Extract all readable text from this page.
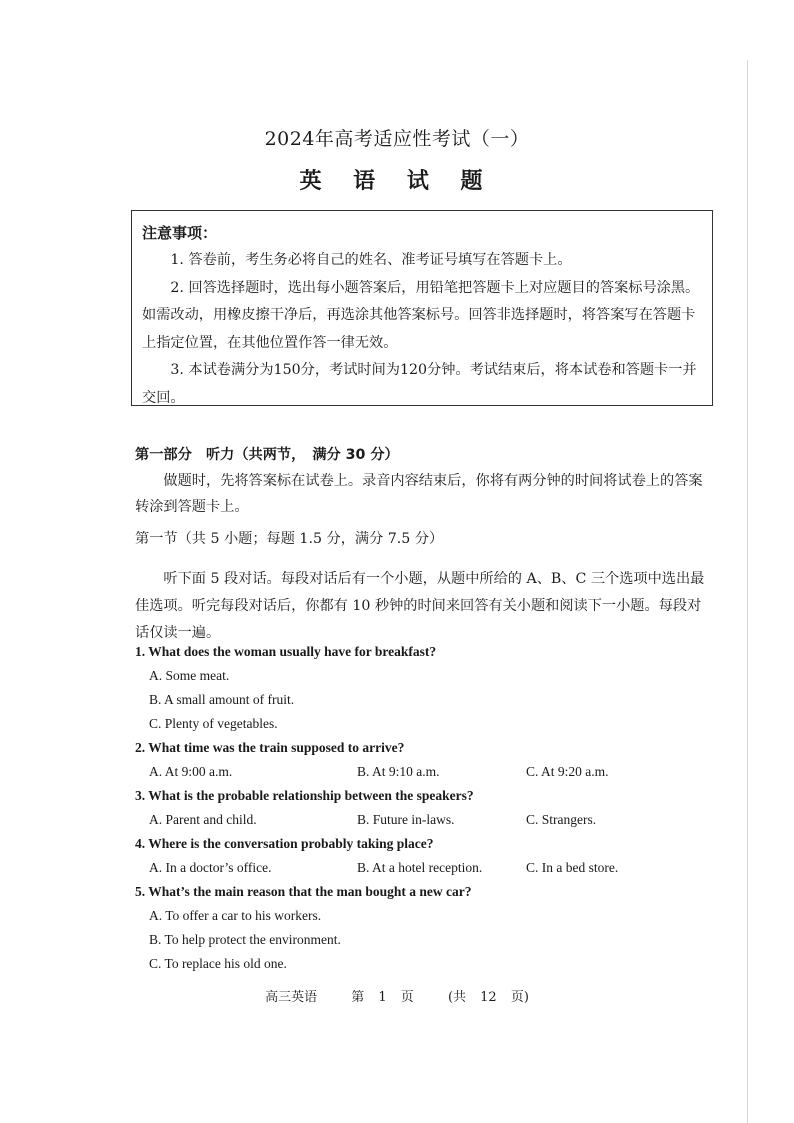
2024年高考适应性考试（一）
英 语 试 题
注意事项：

1. 答卷前，考生务必将自己的姓名、准考证号填写在答题卡上。

2. 回答选择题时，选出每小题答案后，用铅笔把答题卡上对应题目的答案标号涂黑。如需改动，用橡皮擦干净后，再选涂其他答案标号。回答非选择题时，将答案写在答题卡上指定位置，在其他位置作答一律无效。

3. 本试卷满分为150分，考试时间为120分钟。考试结束后，将本试卷和答题卡一并交回。

第一部分　听力（共两节，　满分 30 分）

做题时，先将答案标在试卷上。录音内容结束后，你将有两分钟的时间将试卷上的答案转涂到答题卡上。

第一节（共 5 小题；每题 1.5 分，满分 7.5 分）

听下面 5 段对话。每段对话后有一个小题，从题中所给的 A、B、C 三个选项中选出最佳选项。听完每段对话后，你都有 10 秒钟的时间来回答有关小题和阅读下一小题。每段对话仅读一遍。

1. What does the woman usually have for breakfast?
A. Some meat.
B. A small amount of fruit.
C. Plenty of vegetables.
2. What time was the train supposed to arrive?
A. At 9:00 a.m.	B. At 9:10 a.m.	C. At 9:20 a.m.
3. What is the probable relationship between the speakers?
A. Parent and child.	B. Future in-laws.	C. Strangers.
4. Where is the conversation probably taking place?
A. In a doctor’s office.	B. At a hotel reception.	C. In a bed store.
5. What’s the main reason that the man bought a new car?
A. To offer a car to his workers.
B. To help protect the environment.
C. To replace his old one.
高三英语	第 1 页	(共 12 页)
